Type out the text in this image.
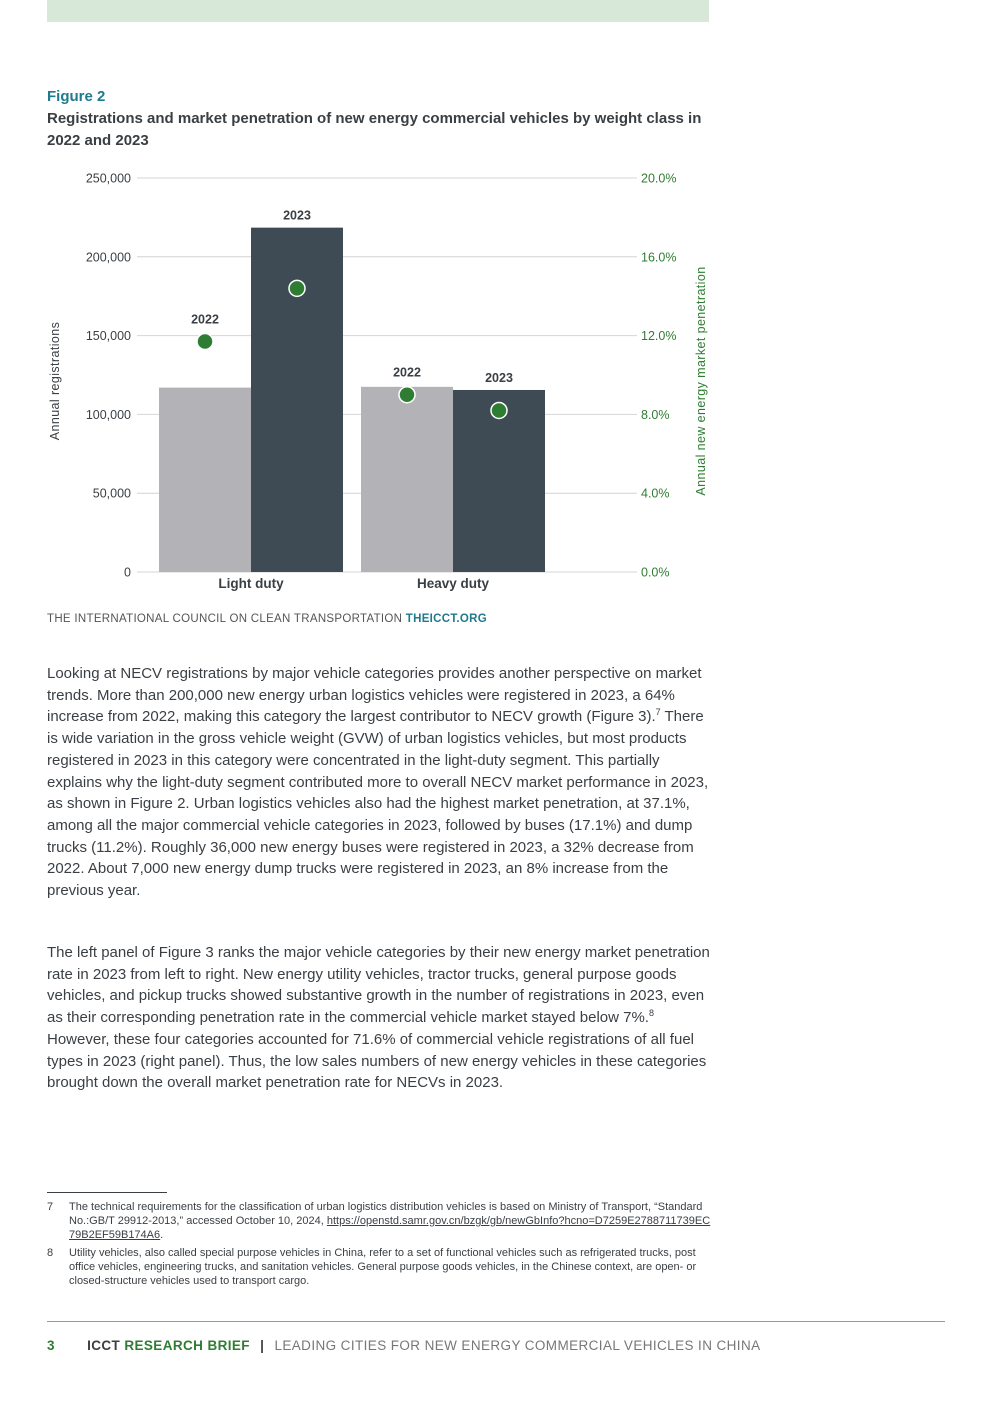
Figure 2
Registrations and market penetration of new energy commercial vehicles by weight class in 2022 and 2023
0	0.0%
50,000	4.0%
100,000	8.0%
150,000	12.0%
200,000	16.0%
250,000	20.0%
2022
2023
Light duty
2022	2023
Heavy duty
Annual registrations	Annual new energy market penetration
THE INTERNATIONAL COUNCIL ON CLEAN TRANSPORTATION THEICCT.ORG

Looking at NECV registrations by major vehicle categories provides another perspective on market trends. More than 200,000 new energy urban logistics vehicles were registered in 2023, a 64% increase from 2022, making this category the largest contributor to NECV growth (Figure 3).$^7$ There is wide variation in the gross vehicle weight (GVW) of urban logistics vehicles, but most products registered in 2023 in this category were concentrated in the light-duty segment. This partially explains why the light-duty segment contributed more to overall NECV market performance in 2023, as shown in Figure 2. Urban logistics vehicles also had the highest market penetration, at 37.1%, among all the major commercial vehicle categories in 2023, followed by buses (17.1%) and dump trucks (11.2%). Roughly 36,000 new energy buses were registered in 2023, a 32% decrease from 2022. About 7,000 new energy dump trucks were registered in 2023, an 8% increase from the previous year.

The left panel of Figure 3 ranks the major vehicle categories by their new energy market penetration rate in 2023 from left to right. New energy utility vehicles, tractor trucks, general purpose goods vehicles, and pickup trucks showed substantive growth in the number of registrations in 2023, even as their corresponding penetration rate in the commercial vehicle market stayed below 7%.$^8$ However, these four categories accounted for 71.6% of commercial vehicle registrations of all fuel types in 2023 (right panel). Thus, the low sales numbers of new energy vehicles in these categories brought down the overall market penetration rate for NECVs in 2023.

7 The technical requirements for the classification of urban logistics distribution vehicles is based on Ministry of Transport, “Standard No.:GB/T 29912-2013,” accessed October 10, 2024, https://openstd.samr.gov.cn/bzgk/gb/newGbInfo?hcno=D7259E2788711739EC79B2EF59B174A6.
8 Utility vehicles, also called special purpose vehicles in China, refer to a set of functional vehicles such as refrigerated trucks, post office vehicles, engineering trucks, and sanitation vehicles. General purpose goods vehicles, in the Chinese context, are open- or closed-structure vehicles used to transport cargo.
3 ICCT RESEARCH BRIEF | LEADING CITIES FOR NEW ENERGY COMMERCIAL VEHICLES IN CHINA
